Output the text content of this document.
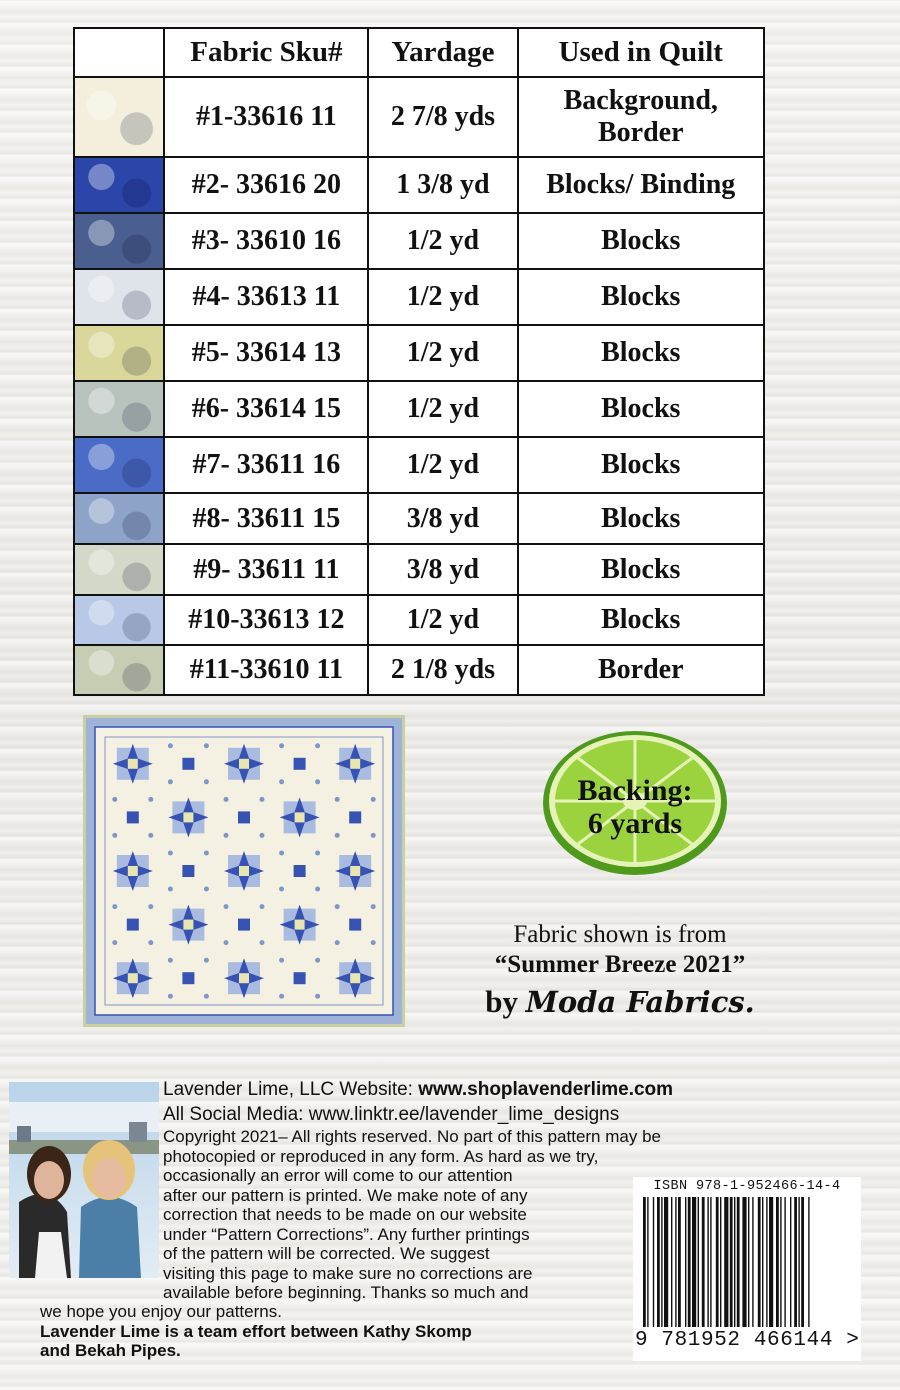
	Fabric Sku#	Yardage	Used in Quilt

	#1-33616 11	2 7/8 yds	Background, Border

	#2- 33616 20	1 3/8 yd	Blocks/ Binding

	#3- 33610 16	1/2 yd	Blocks

	#4- 33613 11	1/2 yd	Blocks

	#5- 33614 13	1/2 yd	Blocks

	#6- 33614 15	1/2 yd	Blocks

	#7- 33611 16	1/2 yd	Blocks

	#8- 33611 15	3/8 yd	Blocks

	#9- 33611 11	3/8 yd	Blocks

	#10-33613 12	1/2 yd	Blocks

	#11-33610 11	2 1/8 yds	Border
Backing:
6 yards
Fabric shown is from
“Summer Breeze 2021”
by Moda Fabrics.
Lavender Lime, LLC Website: www.shoplavenderlime.com
All Social Media: www.linktr.ee/lavender_lime_designs
Copyright 2021– All rights reserved. No part of this pattern may be
photocopied or reproduced in any form. As hard as we try,
occasionally an error will come to our attention
after our pattern is printed. We make note of any
correction that needs to be made on our website
under “Pattern Corrections”. Any further printings
of the pattern will be corrected. We suggest
visiting this page to make sure no corrections are
available before beginning. Thanks so much and
we hope you enjoy our patterns.
Lavender Lime is a team effort between Kathy Skomp
and Bekah Pipes.
ISBN 978-1-952466-14-4
9 781952 466144 >
